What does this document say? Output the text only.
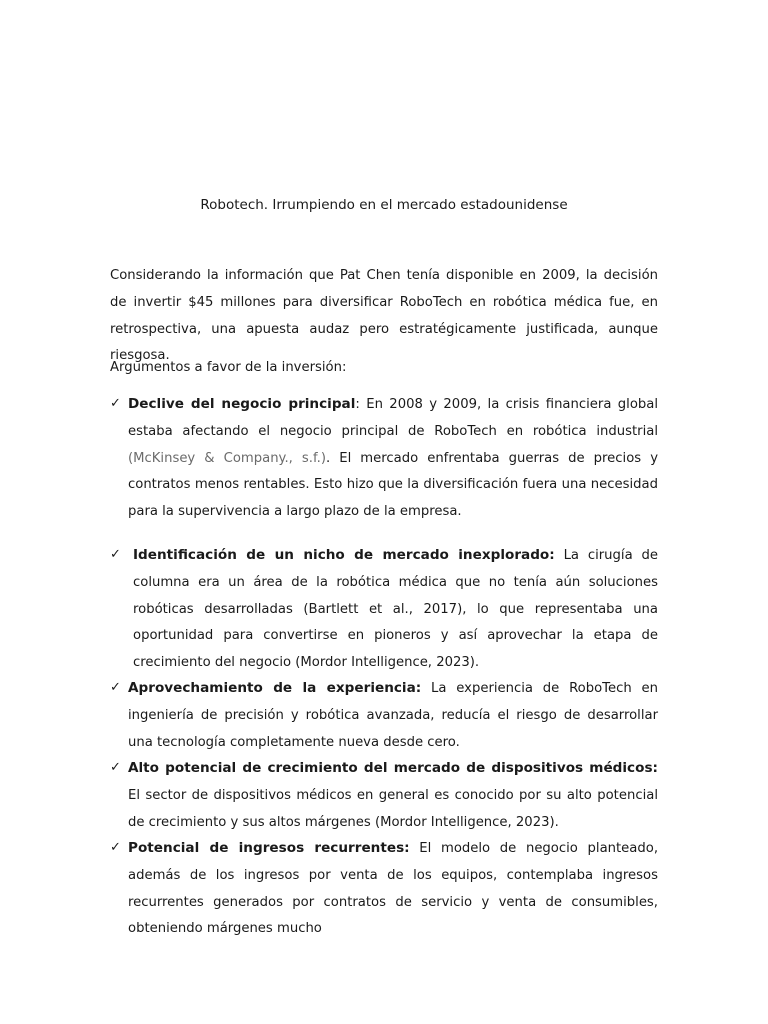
Robotech. Irrumpiendo en el mercado estadounidense
Considerando la información que Pat Chen tenía disponible en 2009, la decisión de invertir $45 millones para diversificar RoboTech en robótica médica fue, en retrospectiva, una apuesta audaz pero estratégicamente justificada, aunque riesgosa.
Argumentos a favor de la inversión:
✓ Declive del negocio principal: En 2008 y 2009, la crisis financiera global estaba afectando el negocio principal de RoboTech en robótica industrial (McKinsey & Company., s.f.). El mercado enfrentaba guerras de precios y contratos menos rentables. Esto hizo que la diversificación fuera una necesidad para la supervivencia a largo plazo de la empresa.
✓ Identificación de un nicho de mercado inexplorado: La cirugía de columna era un área de la robótica médica que no tenía aún soluciones robóticas desarrolladas (Bartlett et al., 2017), lo que representaba una oportunidad para convertirse en pioneros y así aprovechar la etapa de crecimiento del negocio (Mordor Intelligence, 2023).
✓ Aprovechamiento de la experiencia: La experiencia de RoboTech en ingeniería de precisión y robótica avanzada, reducía el riesgo de desarrollar una tecnología completamente nueva desde cero.
✓ Alto potencial de crecimiento del mercado de dispositivos médicos: El sector de dispositivos médicos en general es conocido por su alto potencial de crecimiento y sus altos márgenes (Mordor Intelligence, 2023).
✓ Potencial de ingresos recurrentes: El modelo de negocio planteado, además de los ingresos por venta de los equipos, contemplaba ingresos recurrentes generados por contratos de servicio y venta de consumibles, obteniendo márgenes mucho
